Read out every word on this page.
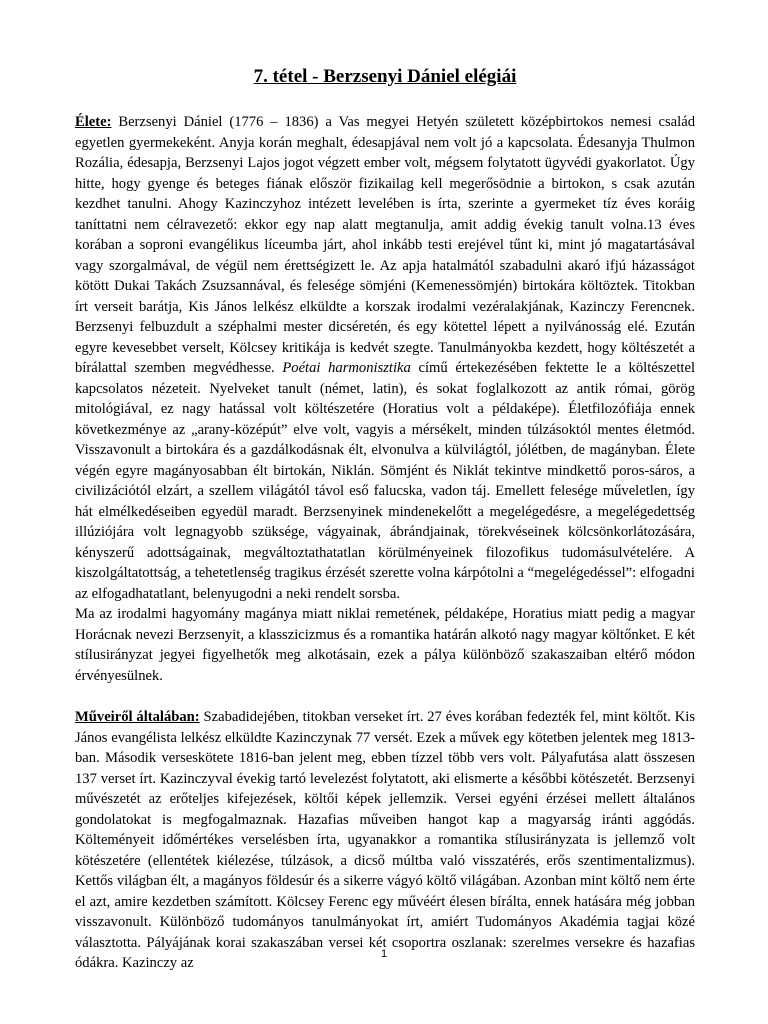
7. tétel - Berzsenyi Dániel elégiái

Élete: Berzsenyi Dániel (1776 – 1836) a Vas megyei Hetyén született középbirtokos nemesi család egyetlen gyermekeként. Anyja korán meghalt, édesapjával nem volt jó a kapcsolata. Édesanyja Thulmon Rozália, édesapja, Berzsenyi Lajos jogot végzett ember volt, mégsem folytatott ügyvédi gyakorlatot. Úgy hitte, hogy gyenge és beteges fiának először fizikailag kell megerősödnie a birtokon, s csak azután kezdhet tanulni. Ahogy Kazinczyhoz intézett levelében is írta, szerinte a gyermeket tíz éves koráig taníttatni nem célravezető: ekkor egy nap alatt megtanulja, amit addig évekig tanult volna.13 éves korában a soproni evangélikus líceumba járt, ahol inkább testi erejével tűnt ki, mint jó magatartásával vagy szorgalmával, de végül nem érettségizett le. Az apja hatalmától szabadulni akaró ifjú házasságot kötött Dukai Takách Zsuzsannával, és felesége sömjéni (Kemenessömjén) birtokára költöztek. Titokban írt verseit barátja, Kis János lelkész elküldte a korszak irodalmi vezéralakjának, Kazinczy Ferencnek. Berzsenyi felbuzdult a széphalmi mester dicséretén, és egy kötettel lépett a nyilvánosság elé. Ezután egyre kevesebbet verselt, Kölcsey kritikája is kedvét szegte. Tanulmányokba kezdett, hogy költészetét a bírálattal szemben megvédhesse. Poétai harmonisztika című értekezésében fektette le a költészettel kapcsolatos nézeteit. Nyelveket tanult (német, latin), és sokat foglalkozott az antik római, görög mitológiával, ez nagy hatással volt költészetére (Horatius volt a példaképe). Életfilozófiája ennek következménye az „arany-középút” elve volt, vagyis a mérsékelt, minden túlzásoktól mentes életmód. Visszavonult a birtokára és a gazdálkodásnak élt, elvonulva a külvilágtól, jólétben, de magányban. Élete végén egyre magányosabban élt birtokán, Niklán. Sömjént és Niklát tekintve mindkettő poros-sáros, a civilizációtól elzárt, a szellem világától távol eső falucska, vadon táj. Emellett felesége műveletlen, így hát elmélkedéseiben egyedül maradt. Berzsenyinek mindenekelőtt a megelégedésre, a megelégedettség illúziójára volt legnagyobb szüksége, vágyainak, ábrándjainak, törekvéseinek kölcsönkorlátozására, kényszerű adottságainak, megváltoztathatatlan körülményeinek filozofikus tudomásulvételére. A kiszolgáltatottság, a tehetetlenség tragikus érzését szerette volna kárpótolni a “megelégedéssel”: elfogadni az elfogadhatatlant, belenyugodni a neki rendelt sorsba.

Ma az irodalmi hagyomány magánya miatt niklai remetének, példaképe, Horatius miatt pedig a magyar Horácnak nevezi Berzsenyit, a klasszicizmus és a romantika határán alkotó nagy magyar költőnket. E két stílusirányzat jegyei figyelhetők meg alkotásain, ezek a pálya különböző szakaszaiban eltérő módon érvényesülnek.

Műveiről általában: Szabadidejében, titokban verseket írt. 27 éves korában fedezték fel, mint költőt. Kis János evangélista lelkész elküldte Kazinczynak 77 versét. Ezek a művek egy kötetben jelentek meg 1813-ban. Második verseskötete 1816-ban jelent meg, ebben tízzel több vers volt. Pályafutása alatt összesen 137 verset írt. Kazinczyval évekig tartó levelezést folytatott, aki elismerte a későbbi kötészetét. Berzsenyi művészetét az erőteljes kifejezések, költői képek jellemzik. Versei egyéni érzései mellett általános gondolatokat is megfogalmaznak. Hazafias műveiben hangot kap a magyarság iránti aggódás. Költeményeit időmértékes verselésben írta, ugyanakkor a romantika stílusirányzata is jellemző volt kötészetére (ellentétek kiélezése, túlzások, a dicső múltba való visszatérés, erős szentimentalizmus). Kettős világban élt, a magányos földesúr és a sikerre vágyó költő világában. Azonban mint költő nem érte el azt, amire kezdetben számított. Kölcsey Ferenc egy művéért élesen bírálta, ennek hatására még jobban visszavonult. Különböző tudományos tanulmányokat írt, amiért Tudományos Akadémia tagjai közé választotta. Pályájának korai szakaszában versei két csoportra oszlanak: szerelmes versekre és hazafias ódákra. Kazinczy az

1
